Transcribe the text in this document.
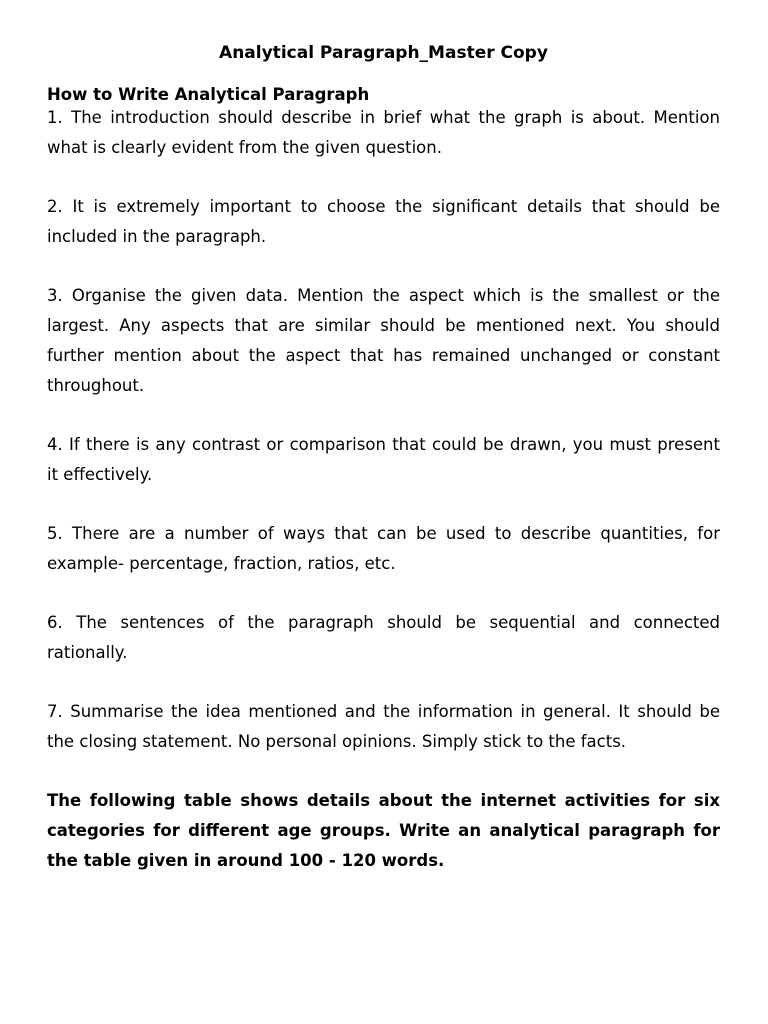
Analytical Paragraph_Master Copy
How to Write Analytical Paragraph

1. The introduction should describe in brief what the graph is about. Mention what is clearly evident from the given question.

2. It is extremely important to choose the significant details that should be included in the paragraph.

3. Organise the given data. Mention the aspect which is the smallest or the largest. Any aspects that are similar should be mentioned next. You should further mention about the aspect that has remained unchanged or constant throughout.

4. If there is any contrast or comparison that could be drawn, you must present it effectively.

5. There are a number of ways that can be used to describe quantities, for example- percentage, fraction, ratios, etc.

6. The sentences of the paragraph should be sequential and connected rationally.

7. Summarise the idea mentioned and the information in general. It should be the closing statement. No personal opinions. Simply stick to the facts.

The following table shows details about the internet activities for six categories for different age groups. Write an analytical paragraph for the table given in around 100 - 120 words.
